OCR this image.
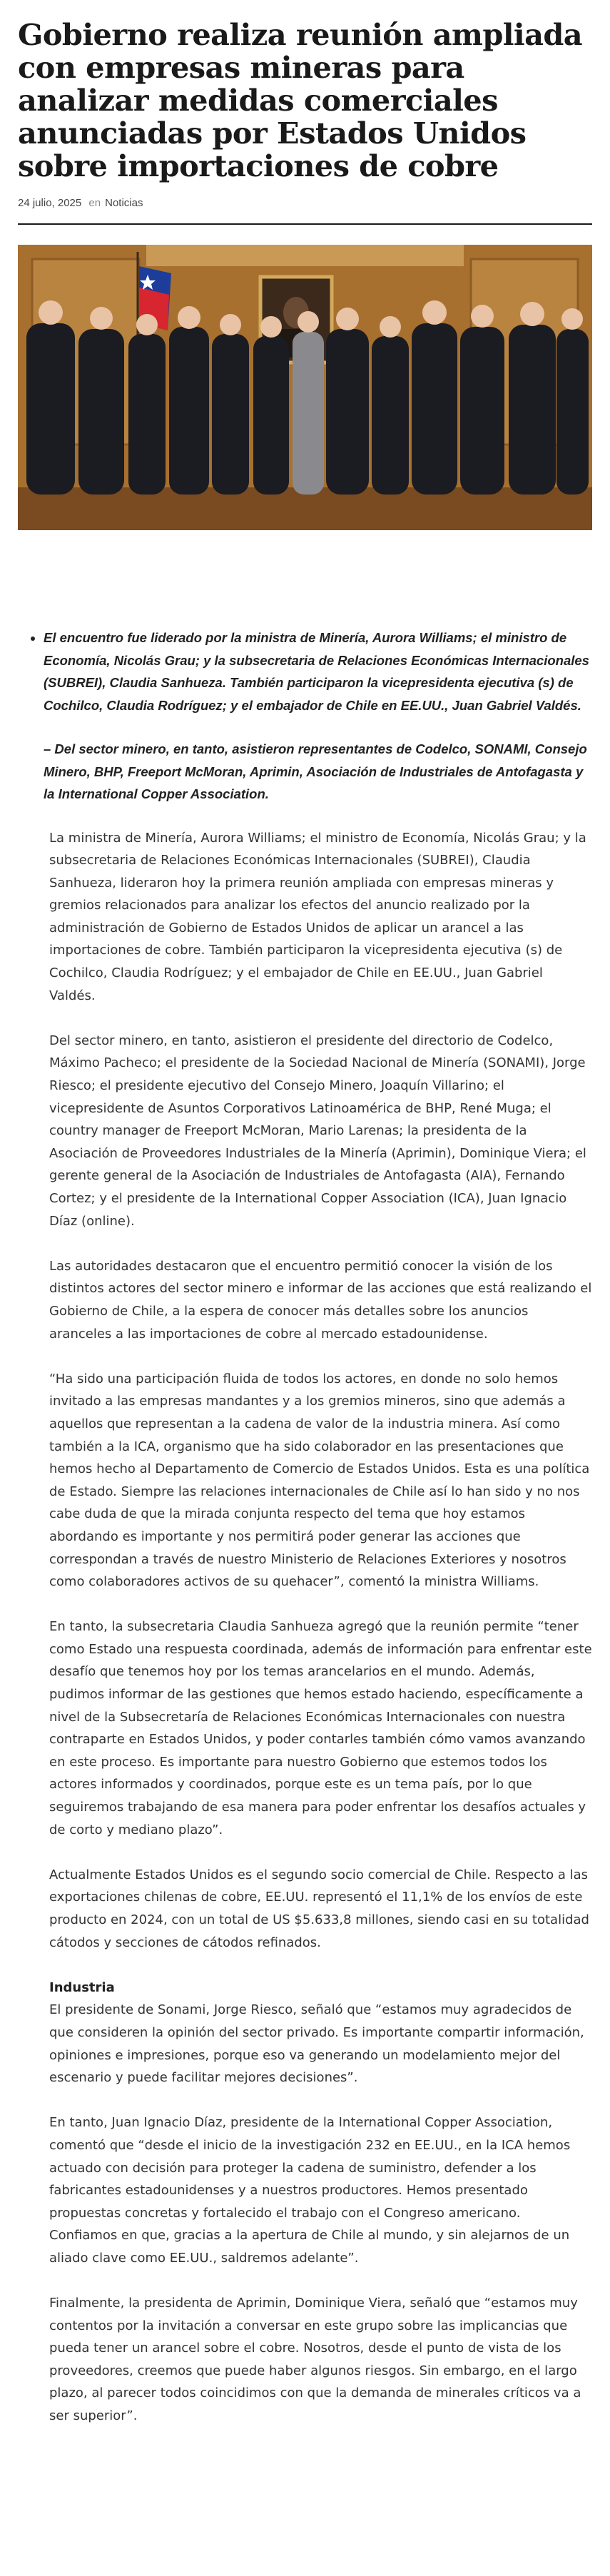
Gobierno realiza reunión ampliada con empresas mineras para analizar medidas comerciales anunciadas por Estados Unidos sobre importaciones de cobre
24 julio, 2025 en Noticias
• El encuentro fue liderado por la ministra de Minería, Aurora Williams; el ministro de Economía, Nicolás Grau; y la subsecretaria de Relaciones Económicas Internacionales (SUBREI), Claudia Sanhueza. También participaron la vicepresidenta ejecutiva (s) de Cochilco, Claudia Rodríguez; y el embajador de Chile en EE.UU., Juan Gabriel Valdés.

– Del sector minero, en tanto, asistieron representantes de Codelco, SONAMI, Consejo Minero, BHP, Freeport McMoran, Aprimin, Asociación de Industriales de Antofagasta y la International Copper Association.

La ministra de Minería, Aurora Williams; el ministro de Economía, Nicolás Grau; y la subsecretaria de Relaciones Económicas Internacionales (SUBREI), Claudia Sanhueza, lideraron hoy la primera reunión ampliada con empresas mineras y gremios relacionados para analizar los efectos del anuncio realizado por la administración de Gobierno de Estados Unidos de aplicar un arancel a las importaciones de cobre. También participaron la vicepresidenta ejecutiva (s) de Cochilco, Claudia Rodríguez; y el embajador de Chile en EE.UU., Juan Gabriel Valdés.

Del sector minero, en tanto, asistieron el presidente del directorio de Codelco, Máximo Pacheco; el presidente de la Sociedad Nacional de Minería (SONAMI), Jorge Riesco; el presidente ejecutivo del Consejo Minero, Joaquín Villarino; el vicepresidente de Asuntos Corporativos Latinoamérica de BHP, René Muga; el country manager de Freeport McMoran, Mario Larenas; la presidenta de la Asociación de Proveedores Industriales de la Minería (Aprimin), Dominique Viera; el gerente general de la Asociación de Industriales de Antofagasta (AIA), Fernando Cortez; y el presidente de la International Copper Association (ICA), Juan Ignacio Díaz (online).

Las autoridades destacaron que el encuentro permitió conocer la visión de los distintos actores del sector minero e informar de las acciones que está realizando el Gobierno de Chile, a la espera de conocer más detalles sobre los anuncios aranceles a las importaciones de cobre al mercado estadounidense.

“Ha sido una participación fluida de todos los actores, en donde no solo hemos invitado a las empresas mandantes y a los gremios mineros, sino que además a aquellos que representan a la cadena de valor de la industria minera. Así como también a la ICA, organismo que ha sido colaborador en las presentaciones que hemos hecho al Departamento de Comercio de Estados Unidos. Esta es una política de Estado. Siempre las relaciones internacionales de Chile así lo han sido y no nos cabe duda de que la mirada conjunta respecto del tema que hoy estamos abordando es importante y nos permitirá poder generar las acciones que correspondan a través de nuestro Ministerio de Relaciones Exteriores y nosotros como colaboradores activos de su quehacer”, comentó la ministra Williams.

En tanto, la subsecretaria Claudia Sanhueza agregó que la reunión permite “tener como Estado una respuesta coordinada, además de información para enfrentar este desafío que tenemos hoy por los temas arancelarios en el mundo. Además, pudimos informar de las gestiones que hemos estado haciendo, específicamente a nivel de la Subsecretaría de Relaciones Económicas Internacionales con nuestra contraparte en Estados Unidos, y poder contarles también cómo vamos avanzando en este proceso. Es importante para nuestro Gobierno que estemos todos los actores informados y coordinados, porque este es un tema país, por lo que seguiremos trabajando de esa manera para poder enfrentar los desafíos actuales y de corto y mediano plazo”.

Actualmente Estados Unidos es el segundo socio comercial de Chile. Respecto a las exportaciones chilenas de cobre, EE.UU. representó el 11,1% de los envíos de este producto en 2024, con un total de US $5.633,8 millones, siendo casi en su totalidad cátodos y secciones de cátodos refinados.

Industria

El presidente de Sonami, Jorge Riesco, señaló que “estamos muy agradecidos de que consideren la opinión del sector privado. Es importante compartir información, opiniones e impresiones, porque eso va generando un modelamiento mejor del escenario y puede facilitar mejores decisiones”.

En tanto, Juan Ignacio Díaz, presidente de la International Copper Association, comentó que “desde el inicio de la investigación 232 en EE.UU., en la ICA hemos actuado con decisión para proteger la cadena de suministro, defender a los fabricantes estadounidenses y a nuestros productores. Hemos presentado propuestas concretas y fortalecido el trabajo con el Congreso americano. Confiamos en que, gracias a la apertura de Chile al mundo, y sin alejarnos de un aliado clave como EE.UU., saldremos adelante”.

Finalmente, la presidenta de Aprimin, Dominique Viera, señaló que “estamos muy contentos por la invitación a conversar en este grupo sobre las implicancias que pueda tener un arancel sobre el cobre. Nosotros, desde el punto de vista de los proveedores, creemos que puede haber algunos riesgos. Sin embargo, en el largo plazo, al parecer todos coincidimos con que la demanda de minerales críticos va a ser superior”.
